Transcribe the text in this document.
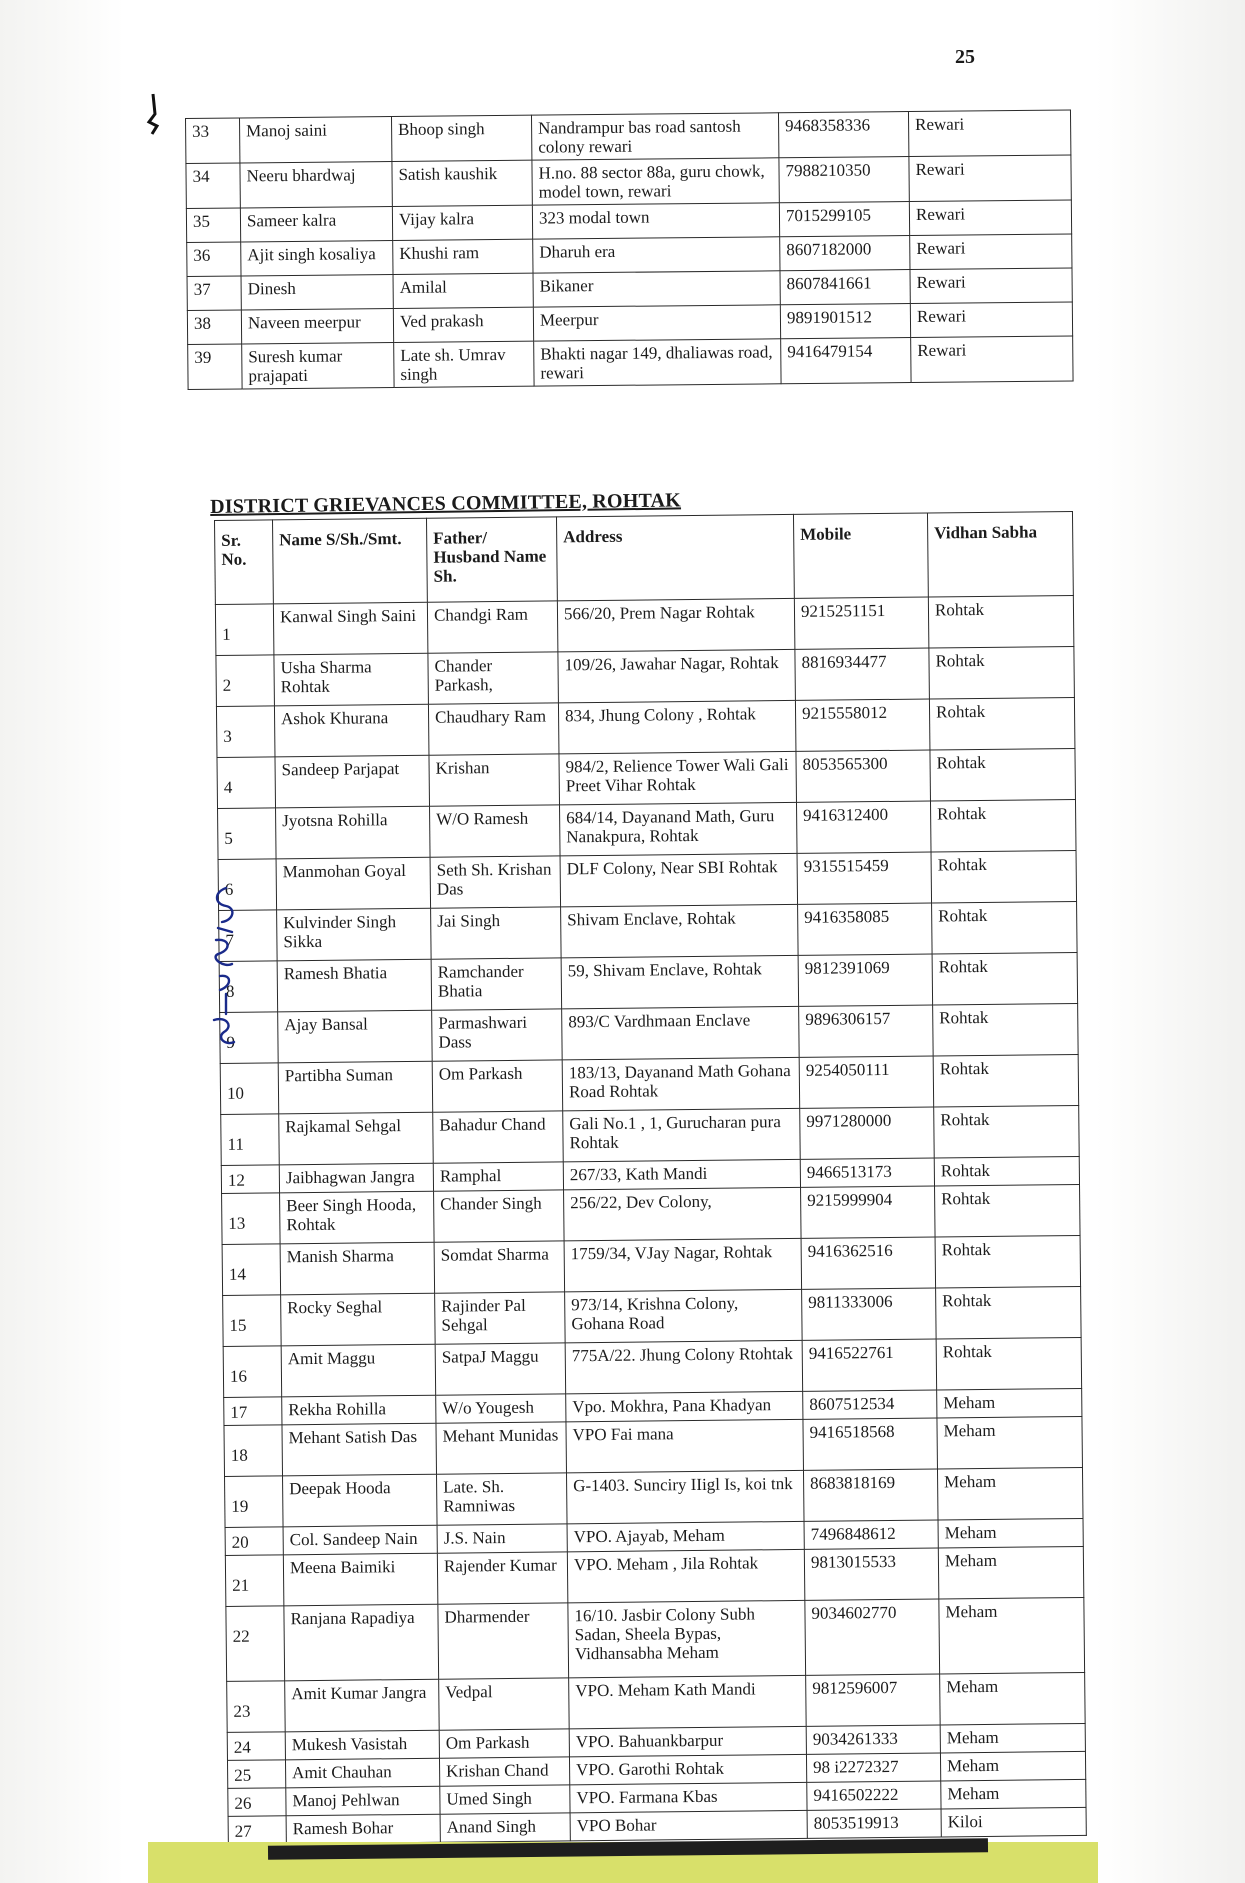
25
33	Manoj saini	Bhoop singh	Nandrampur bas road santosh colony rewari	9468358336	Rewari
34	Neeru bhardwaj	Satish kaushik	H.no. 88 sector 88a, guru chowk, model town, rewari	7988210350	Rewari
35	Sameer kalra	Vijay kalra	323 modal town	7015299105	Rewari
36	Ajit singh kosaliya	Khushi ram	Dharuh era	8607182000	Rewari
37	Dinesh	Amilal	Bikaner	8607841661	Rewari
38	Naveen meerpur	Ved prakash	Meerpur	9891901512	Rewari
39	Suresh kumar prajapati	Late sh. Umrav singh	Bhakti nagar 149, dhaliawas road, rewari	9416479154	Rewari
DISTRICT GRIEVANCES COMMITTEE, ROHTAK
Sr. No.	Name S/Sh./Smt.	Father/ Husband Name Sh.	Address	Mobile	Vidhan Sabha
1	Kanwal Singh Saini	Chandgi Ram	566/20, Prem Nagar Rohtak	9215251151	Rohtak
2	Usha Sharma Rohtak	Chander Parkash,	109/26, Jawahar Nagar, Rohtak	8816934477	Rohtak
3	Ashok Khurana	Chaudhary Ram	834, Jhung Colony , Rohtak	9215558012	Rohtak
4	Sandeep Parjapat	Krishan	984/2, Relience Tower Wali Gali Preet Vihar Rohtak	8053565300	Rohtak
5	Jyotsna Rohilla	W/O Ramesh	684/14, Dayanand Math, Guru Nanakpura, Rohtak	9416312400	Rohtak
6	Manmohan Goyal	Seth Sh. Krishan Das	DLF Colony, Near SBI Rohtak	9315515459	Rohtak
7	Kulvinder Singh Sikka	Jai Singh	Shivam Enclave, Rohtak	9416358085	Rohtak
8	Ramesh Bhatia	Ramchander Bhatia	59, Shivam Enclave, Rohtak	9812391069	Rohtak
9	Ajay Bansal	Parmashwari Dass	893/C Vardhmaan Enclave	9896306157	Rohtak
10	Partibha Suman	Om Parkash	183/13, Dayanand Math Gohana Road Rohtak	9254050111	Rohtak
11	Rajkamal Sehgal	Bahadur Chand	Gali No.1 , 1, Gurucharan pura Rohtak	9971280000	Rohtak
12	Jaibhagwan Jangra	Ramphal	267/33, Kath Mandi	9466513173	Rohtak
13	Beer Singh Hooda, Rohtak	Chander Singh	256/22, Dev Colony,	9215999904	Rohtak
14	Manish Sharma	Somdat Sharma	1759/34, VJay Nagar, Rohtak	9416362516	Rohtak
15	Rocky Seghal	Rajinder Pal Sehgal	973/14, Krishna Colony, Gohana Road	9811333006	Rohtak
16	Amit Maggu	SatpaJ Maggu	775A/22. Jhung Colony Rtohtak	9416522761	Rohtak
17	Rekha Rohilla	W/o Yougesh	Vpo. Mokhra, Pana Khadyan	8607512534	Meham
18	Mehant Satish Das	Mehant Munidas	VPO Fai mana	9416518568	Meham
19	Deepak Hooda	Late. Sh. Ramniwas	G-1403. Sunciry IIigl Is, koi tnk	8683818169	Meham
20	Col. Sandeep Nain	J.S. Nain	VPO. Ajayab, Meham	7496848612	Meham
21	Meena Baimiki	Rajender Kumar	VPO. Meham , Jila Rohtak	9813015533	Meham
22	Ranjana Rapadiya	Dharmender	16/10. Jasbir Colony Subh Sadan, Sheela Bypas, Vidhansabha Meham	9034602770	Meham
23	Amit Kumar Jangra	Vedpal	VPO. Meham Kath Mandi	9812596007	Meham
24	Mukesh Vasistah	Om Parkash	VPO. Bahuankbarpur	9034261333	Meham
25	Amit Chauhan	Krishan Chand	VPO. Garothi Rohtak	98 i2272327	Meham
26	Manoj Pehlwan	Umed Singh	VPO. Farmana Kbas	9416502222	Meham
27	Ramesh Bohar	Anand Singh	VPO Bohar	8053519913	Kiloi
